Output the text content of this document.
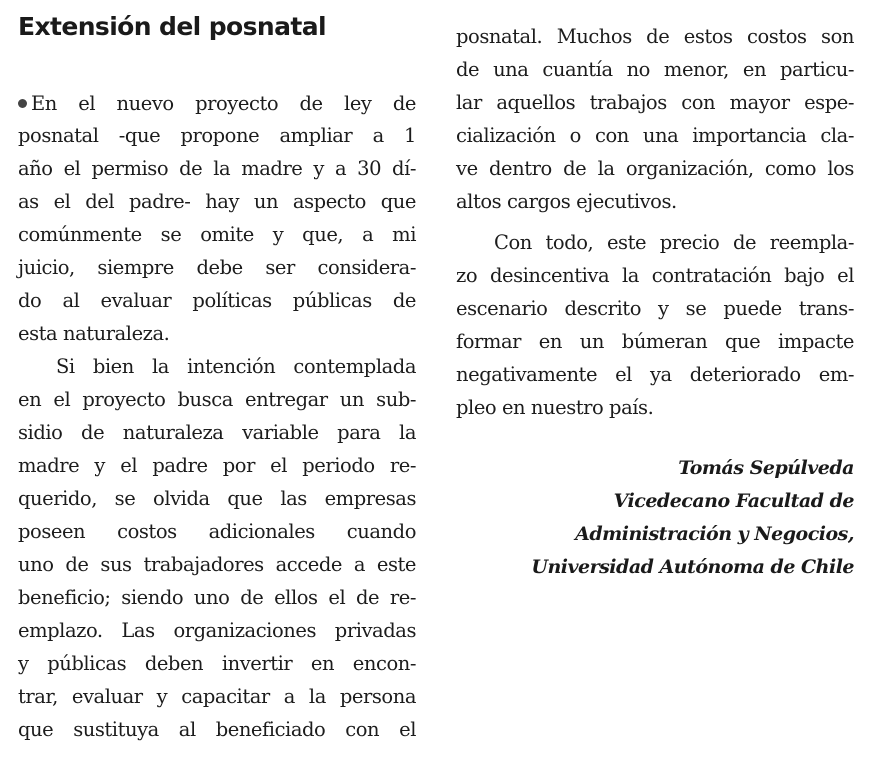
Extensión del posnatal
En el nuevo proyecto de ley de
posnatal -que propone ampliar a 1
año el permiso de la madre y a 30 dí-
as el del padre- hay un aspecto que
comúnmente se omite y que, a mi
juicio, siempre debe ser considera-
do al evaluar políticas públicas de
esta naturaleza.
Si bien la intención contemplada
en el proyecto busca entregar un sub-
sidio de naturaleza variable para la
madre y el padre por el periodo re-
querido, se olvida que las empresas
poseen costos adicionales cuando
uno de sus trabajadores accede a este
beneficio; siendo uno de ellos el de re-
emplazo. Las organizaciones privadas
y públicas deben invertir en encon-
trar, evaluar y capacitar a la persona
que sustituya al beneficiado con el
posnatal. Muchos de estos costos son
de una cuantía no menor, en particu-
lar aquellos trabajos con mayor espe-
cialización o con una importancia cla-
ve dentro de la organización, como los
altos cargos ejecutivos.
Con todo, este precio de reempla-
zo desincentiva la contratación bajo el
escenario descrito y se puede trans-
formar en un búmeran que impacte
negativamente el ya deteriorado em-
pleo en nuestro país.
Tomás Sepúlveda
Vicedecano Facultad de
Administración y Negocios,
Universidad Autónoma de Chile
